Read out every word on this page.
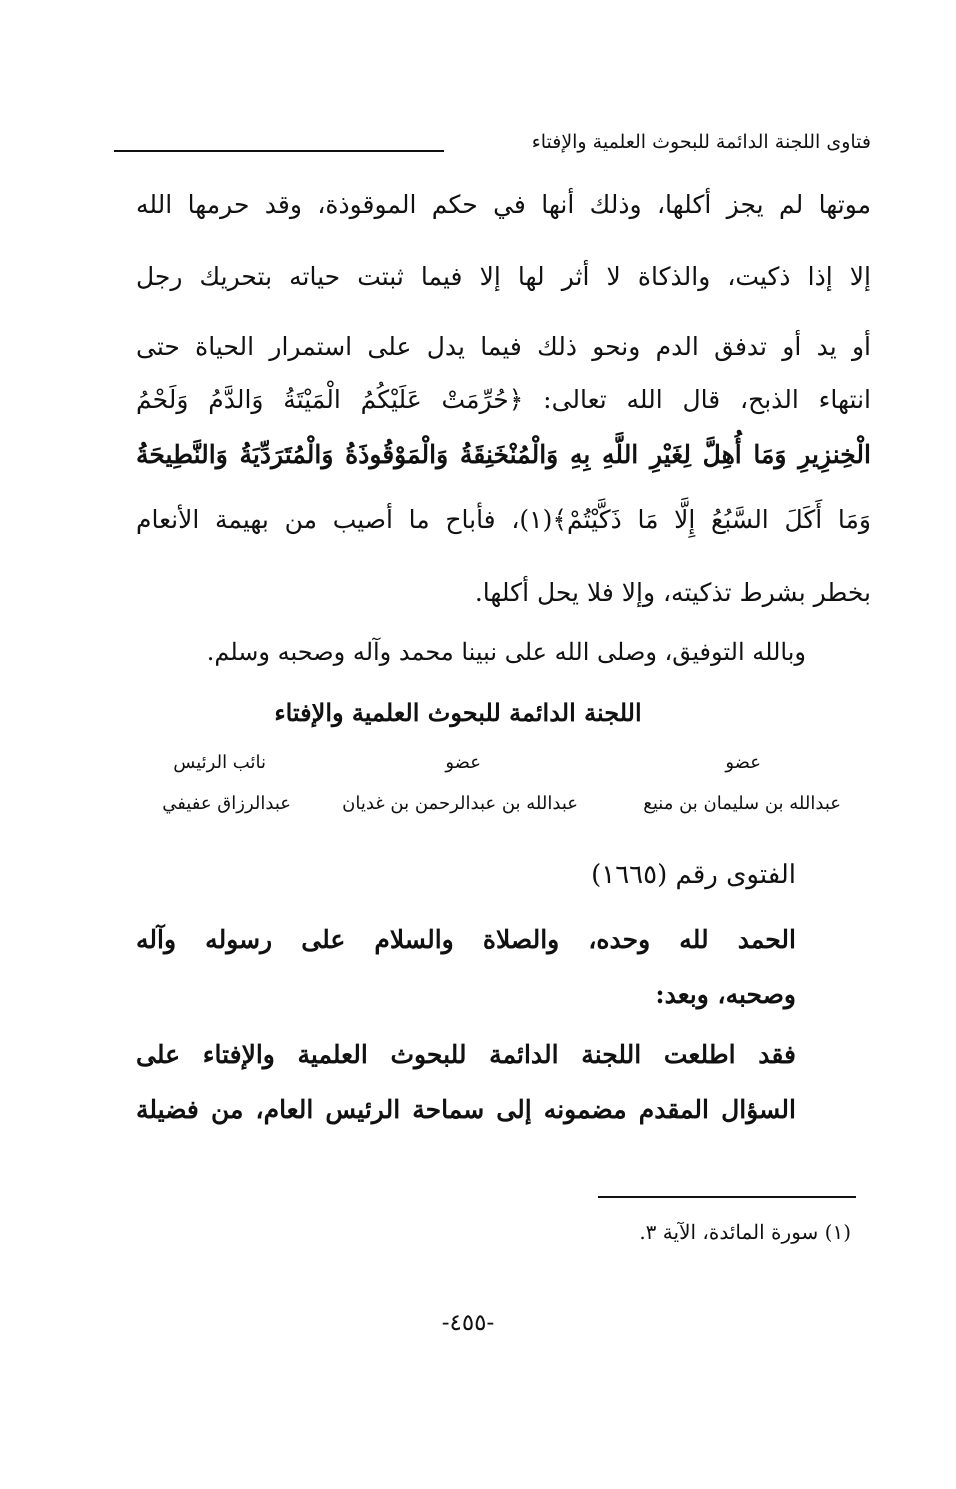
فتاوى اللجنة الدائمة للبحوث العلمية والإفتاء
موتها لم يجز أكلها، وذلك أنها في حكم الموقوذة، وقد حرمها الله
إلا إذا ذكيت، والذكاة لا أثر لها إلا فيما ثبتت حياته بتحريك رجل
أو يد أو تدفق الدم ونحو ذلك فيما يدل على استمرار الحياة حتى
انتهاء الذبح، قال الله تعالى: ﴿حُرِّمَتْ عَلَيْكُمُ الْمَيْتَةُ وَالدَّمُ وَلَحْمُ
الْخِنزِيرِ وَمَا أُهِلَّ لِغَيْرِ اللَّهِ بِهِ وَالْمُنْخَنِقَةُ وَالْمَوْقُوذَةُ وَالْمُتَرَدِّيَةُ وَالنَّطِيحَةُ
وَمَا أَكَلَ السَّبُعُ إِلَّا مَا ذَكَّيْتُمْ﴾(١)، فأباح ما أصيب من بهيمة الأنعام
بخطر بشرط تذكيته، وإلا فلا يحل أكلها.
وبالله التوفيق، وصلى الله على نبينا محمد وآله وصحبه وسلم.
اللجنة الدائمة للبحوث العلمية والإفتاء
عضو
عضو
نائب الرئيس
عبدالله بن سليمان بن منيع
عبدالله بن عبدالرحمن بن غديان
عبدالرزاق عفيفي
الفتوى رقم (١٦٦٥)
الحمد لله وحده، والصلاة والسلام على رسوله وآله
وصحبه، وبعد:
فقد اطلعت اللجنة الدائمة للبحوث العلمية والإفتاء على
السؤال المقدم مضمونه إلى سماحة الرئيس العام، من فضيلة
(١) سورة المائدة، الآية ٣.
-٤٥٥-
